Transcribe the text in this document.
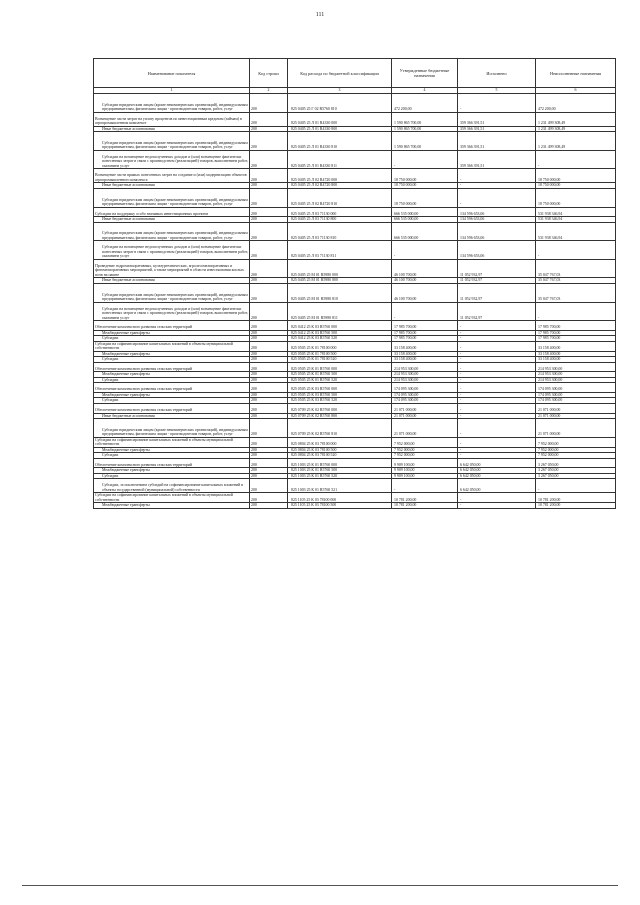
111
Наименование показателя	Код строки	Код расхода по бюджетной классификации	Утвержденные бюджетные назначения	Исполнено	Неисполненные назначения
1	2	3	4	5	6
Субсидии юридическим лицам (кроме некоммерческих организаций), индивидуальным предпринимателям, физическим лицам - производителям товаров, работ, услуг	200	825 0405 25 Г 02 R5760 810	472 200,00	-	472 200,00
Возмещение части затрат на уплату процентов по инвестиционным кредитам (займам) в агропромышленном комплексе	200	825 0405 25 Л 01 R4330 000	1 590 865 700,00	359 366 391,51	1 231 499 308,49
Иные бюджетные ассигнования	200	825 0405 25 Л 01 R4330 800	1 590 865 700,00	359 366 391,51	1 231 499 308,49
Субсидии юридическим лицам (кроме некоммерческих организаций), индивидуальным предпринимателям, физическим лицам - производителям товаров, работ, услуг	200	825 0405 25 Л 01 R4330 810	1 590 865 700,00	359 366 391,51	1 231 499 308,49
Субсидии на возмещение недополученных доходов и (или) возмещение фактически понесенных затрат в связи с производством (реализацией) товаров, выполнением работ, оказанием услуг	200	825 0405 25 Л 01 R4330 811	-	359 366 391,51	-
Возмещение части прямых понесенных затрат на создание и (или) модернизацию объектов агропромышленного комплекса	200	825 0405 25 Л 02 R4720 000	18 750 000,00	-	18 750 000,00
Иные бюджетные ассигнования	200	825 0405 25 Л 02 R4720 800	18 750 000,00	-	18 750 000,00
Субсидии юридическим лицам (кроме некоммерческих организаций), индивидуальным предпринимателям, физическим лицам - производителям товаров, работ, услуг	200	825 0405 25 Л 02 R4720 810	18 750 000,00	-	18 750 000,00
Субсидии на поддержку особо значимых инвестиционных проектов	200	825 0405 25 Л 03 71130 000	666 535 000,00	134 596 653,06	531 938 346,94
Иные бюджетные ассигнования	200	825 0405 25 Л 03 71130 800	666 535 000,00	134 596 653,06	531 938 346,94
Субсидии юридическим лицам (кроме некоммерческих организаций), индивидуальным предпринимателям, физическим лицам - производителям товаров, работ, услуг	200	825 0405 25 Л 03 71130 810	666 535 000,00	134 596 653,06	531 938 346,94
Субсидии на возмещение недополученных доходов и (или) возмещение фактически понесенных затрат в связи с производством (реализацией) товаров, выполнением работ, оказанием услуг	200	825 0405 25 Л 03 71130 811	-	134 596 653,06	-
Проведение гидромелиоративных, культуртехнических, агролесомелиоративных и фитомелиоративных мероприятий, а также мероприятий в области известкования кислых почв на пашне	200	825 0405 25 М 01 R5980 000	46 100 700,00	11 052 932,97	35 047 767,03
Иные бюджетные ассигнования	200	825 0405 25 М 01 R5980 800	46 100 700,00	11 052 932,97	35 047 767,03
Субсидии юридическим лицам (кроме некоммерческих организаций), индивидуальным предпринимателям, физическим лицам - производителям товаров, работ, услуг	200	825 0405 25 М 01 R5980 810	46 100 700,00	11 052 932,97	35 047 767,03
Субсидии на возмещение недополученных доходов и (или) возмещение фактически понесенных затрат в связи с производством (реализацией) товаров, выполнением работ, оказанием услуг	200	825 0405 25 М 01 R5980 811	-	11 052 932,97	-
Обеспечение комплексного развития сельских территорий	200	825 0412 25 К 03 R5760 000	17 985 700,00	-	17 985 700,00
Межбюджетные трансферты	200	825 0412 25 К 03 R5760 500	17 985 700,00	-	17 985 700,00
Субсидии	200	825 0412 25 К 03 R5760 520	17 985 700,00	-	17 985 700,00
Субсидии на софинансирование капитальных вложений в объекты муниципальной собственности	200	825 0505 25 К 01 78100 000	33 158 400,00	-	33 158 400,00
Межбюджетные трансферты	200	825 0505 25 К 01 78100 500	33 158 400,00	-	33 158 400,00
Субсидии	200	825 0505 25 К 01 78100 520	33 158 400,00	-	33 158 400,00
Обеспечение комплексного развития сельских территорий	200	825 0505 25 К 01 R5760 000	214 953 300,00	-	214 953 300,00
Межбюджетные трансферты	200	825 0505 25 К 01 R5760 500	214 953 300,00	-	214 953 300,00
Субсидии	200	825 0505 25 К 01 R5760 520	214 953 300,00	-	214 953 300,00
Обеспечение комплексного развития сельских территорий	200	825 0505 25 К 03 R5760 000	174 095 300,00	-	174 095 300,00
Межбюджетные трансферты	200	825 0505 25 К 03 R5760 500	174 095 300,00	-	174 095 300,00
Субсидии	200	825 0505 25 К 03 R5760 520	174 095 300,00	-	174 095 300,00
Обеспечение комплексного развития сельских территорий	200	825 0709 25 К 02 R5760 000	21 071 000,00	-	21 071 000,00
Иные бюджетные ассигнования	200	825 0709 25 К 02 R5760 800	21 071 000,00	-	21 071 000,00
Субсидии юридическим лицам (кроме некоммерческих организаций), индивидуальным предпринимателям, физическим лицам - производителям товаров, работ, услуг	200	825 0709 25 К 02 R5760 810	21 071 000,00	-	21 071 000,00
Субсидии на софинансирование капитальных вложений в объекты муниципальной собственности	200	825 0804 25 К 03 78100 000	7 952 000,00	-	7 952 000,00
Межбюджетные трансферты	200	825 0804 25 К 03 78100 500	7 952 000,00	-	7 952 000,00
Субсидии	200	825 0804 25 К 03 78100 520	7 952 000,00	-	7 952 000,00
Обеспечение комплексного развития сельских территорий	200	825 1003 25 К 01 R5760 000	9 909 100,00	6 642 050,00	3 267 050,00
Межбюджетные трансферты	200	825 1003 25 К 01 R5760 500	9 909 100,00	6 642 050,00	3 267 050,00
Субсидии	200	825 1003 25 К 01 R5760 520	9 909 100,00	6 642 050,00	3 267 050,00
Субсидии, за исключением субсидий на софинансирование капитальных вложений в объекты государственной (муниципальной) собственности	200	825 1003 25 К 01 R5760 521	-	6 642 050,00	-
Субсидии на софинансирование капитальных вложений в объекты муниципальной собственности	200	825 1105 25 К 03 78100 000	10 781 200,00	-	10 781 200,00
Межбюджетные трансферты	200	825 1105 25 К 03 78100 500	10 781 200,00	-	10 781 200,00
